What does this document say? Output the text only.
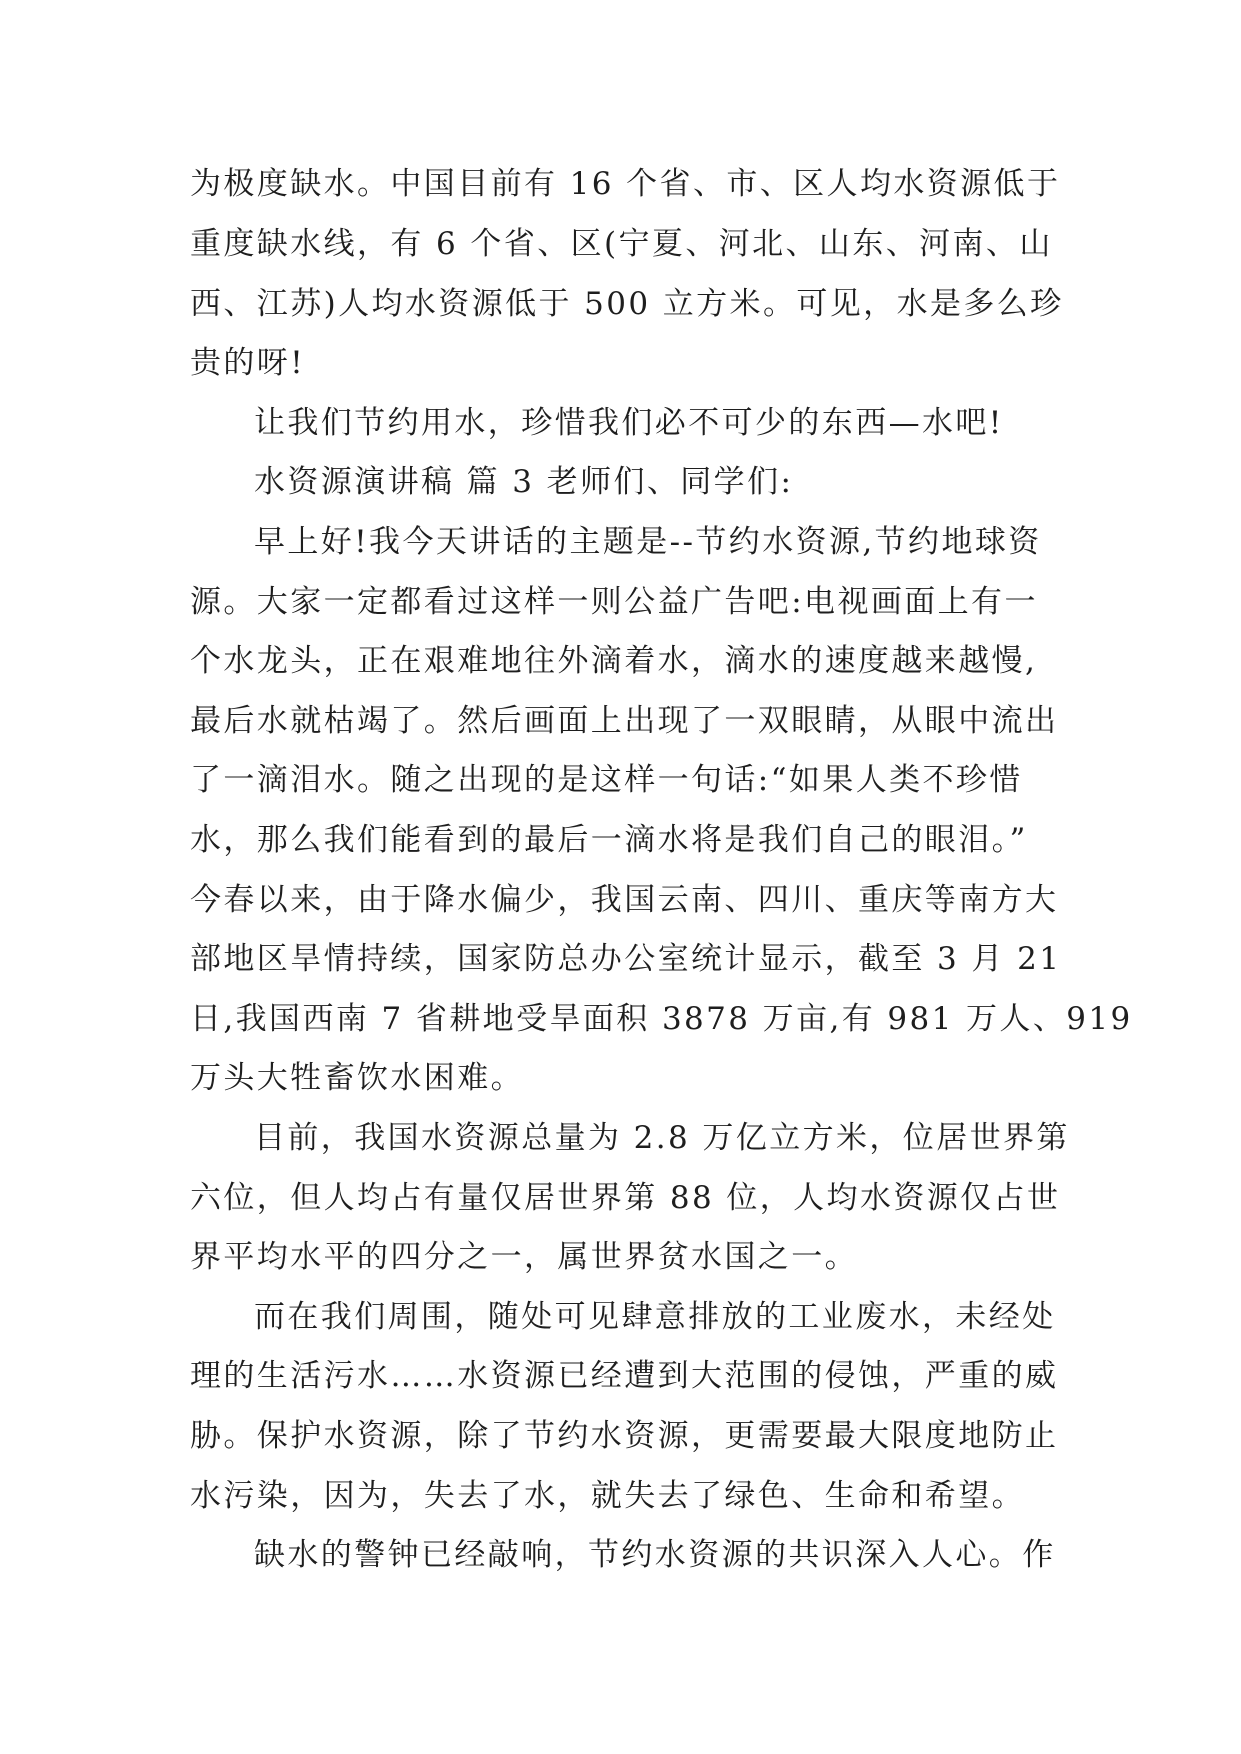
为极度缺水。中国目前有 16 个省、市、区人均水资源低于
重度缺水线，有 6 个省、区(宁夏、河北、山东、河南、山
西、江苏)人均水资源低于 500 立方米。可见，水是多么珍
贵的呀!
让我们节约用水，珍惜我们必不可少的东西—水吧!
水资源演讲稿 篇 3 老师们、同学们:
早上好!我今天讲话的主题是--节约水资源,节约地球资
源。大家一定都看过这样一则公益广告吧:电视画面上有一
个水龙头，正在艰难地往外滴着水，滴水的速度越来越慢,
最后水就枯竭了。然后画面上出现了一双眼睛，从眼中流出
了一滴泪水。随之出现的是这样一句话:“如果人类不珍惜
水，那么我们能看到的最后一滴水将是我们自己的眼泪。”
今春以来，由于降水偏少，我国云南、四川、重庆等南方大
部地区旱情持续，国家防总办公室统计显示，截至 3 月 21
日,我国西南 7 省耕地受旱面积 3878 万亩,有 981 万人、919
万头大牲畜饮水困难。
目前，我国水资源总量为 2.8 万亿立方米，位居世界第
六位，但人均占有量仅居世界第 88 位，人均水资源仅占世
界平均水平的四分之一，属世界贫水国之一。
而在我们周围，随处可见肆意排放的工业废水，未经处
理的生活污水……水资源已经遭到大范围的侵蚀，严重的威
胁。保护水资源，除了节约水资源，更需要最大限度地防止
水污染，因为，失去了水，就失去了绿色、生命和希望。
缺水的警钟已经敲响，节约水资源的共识深入人心。作
